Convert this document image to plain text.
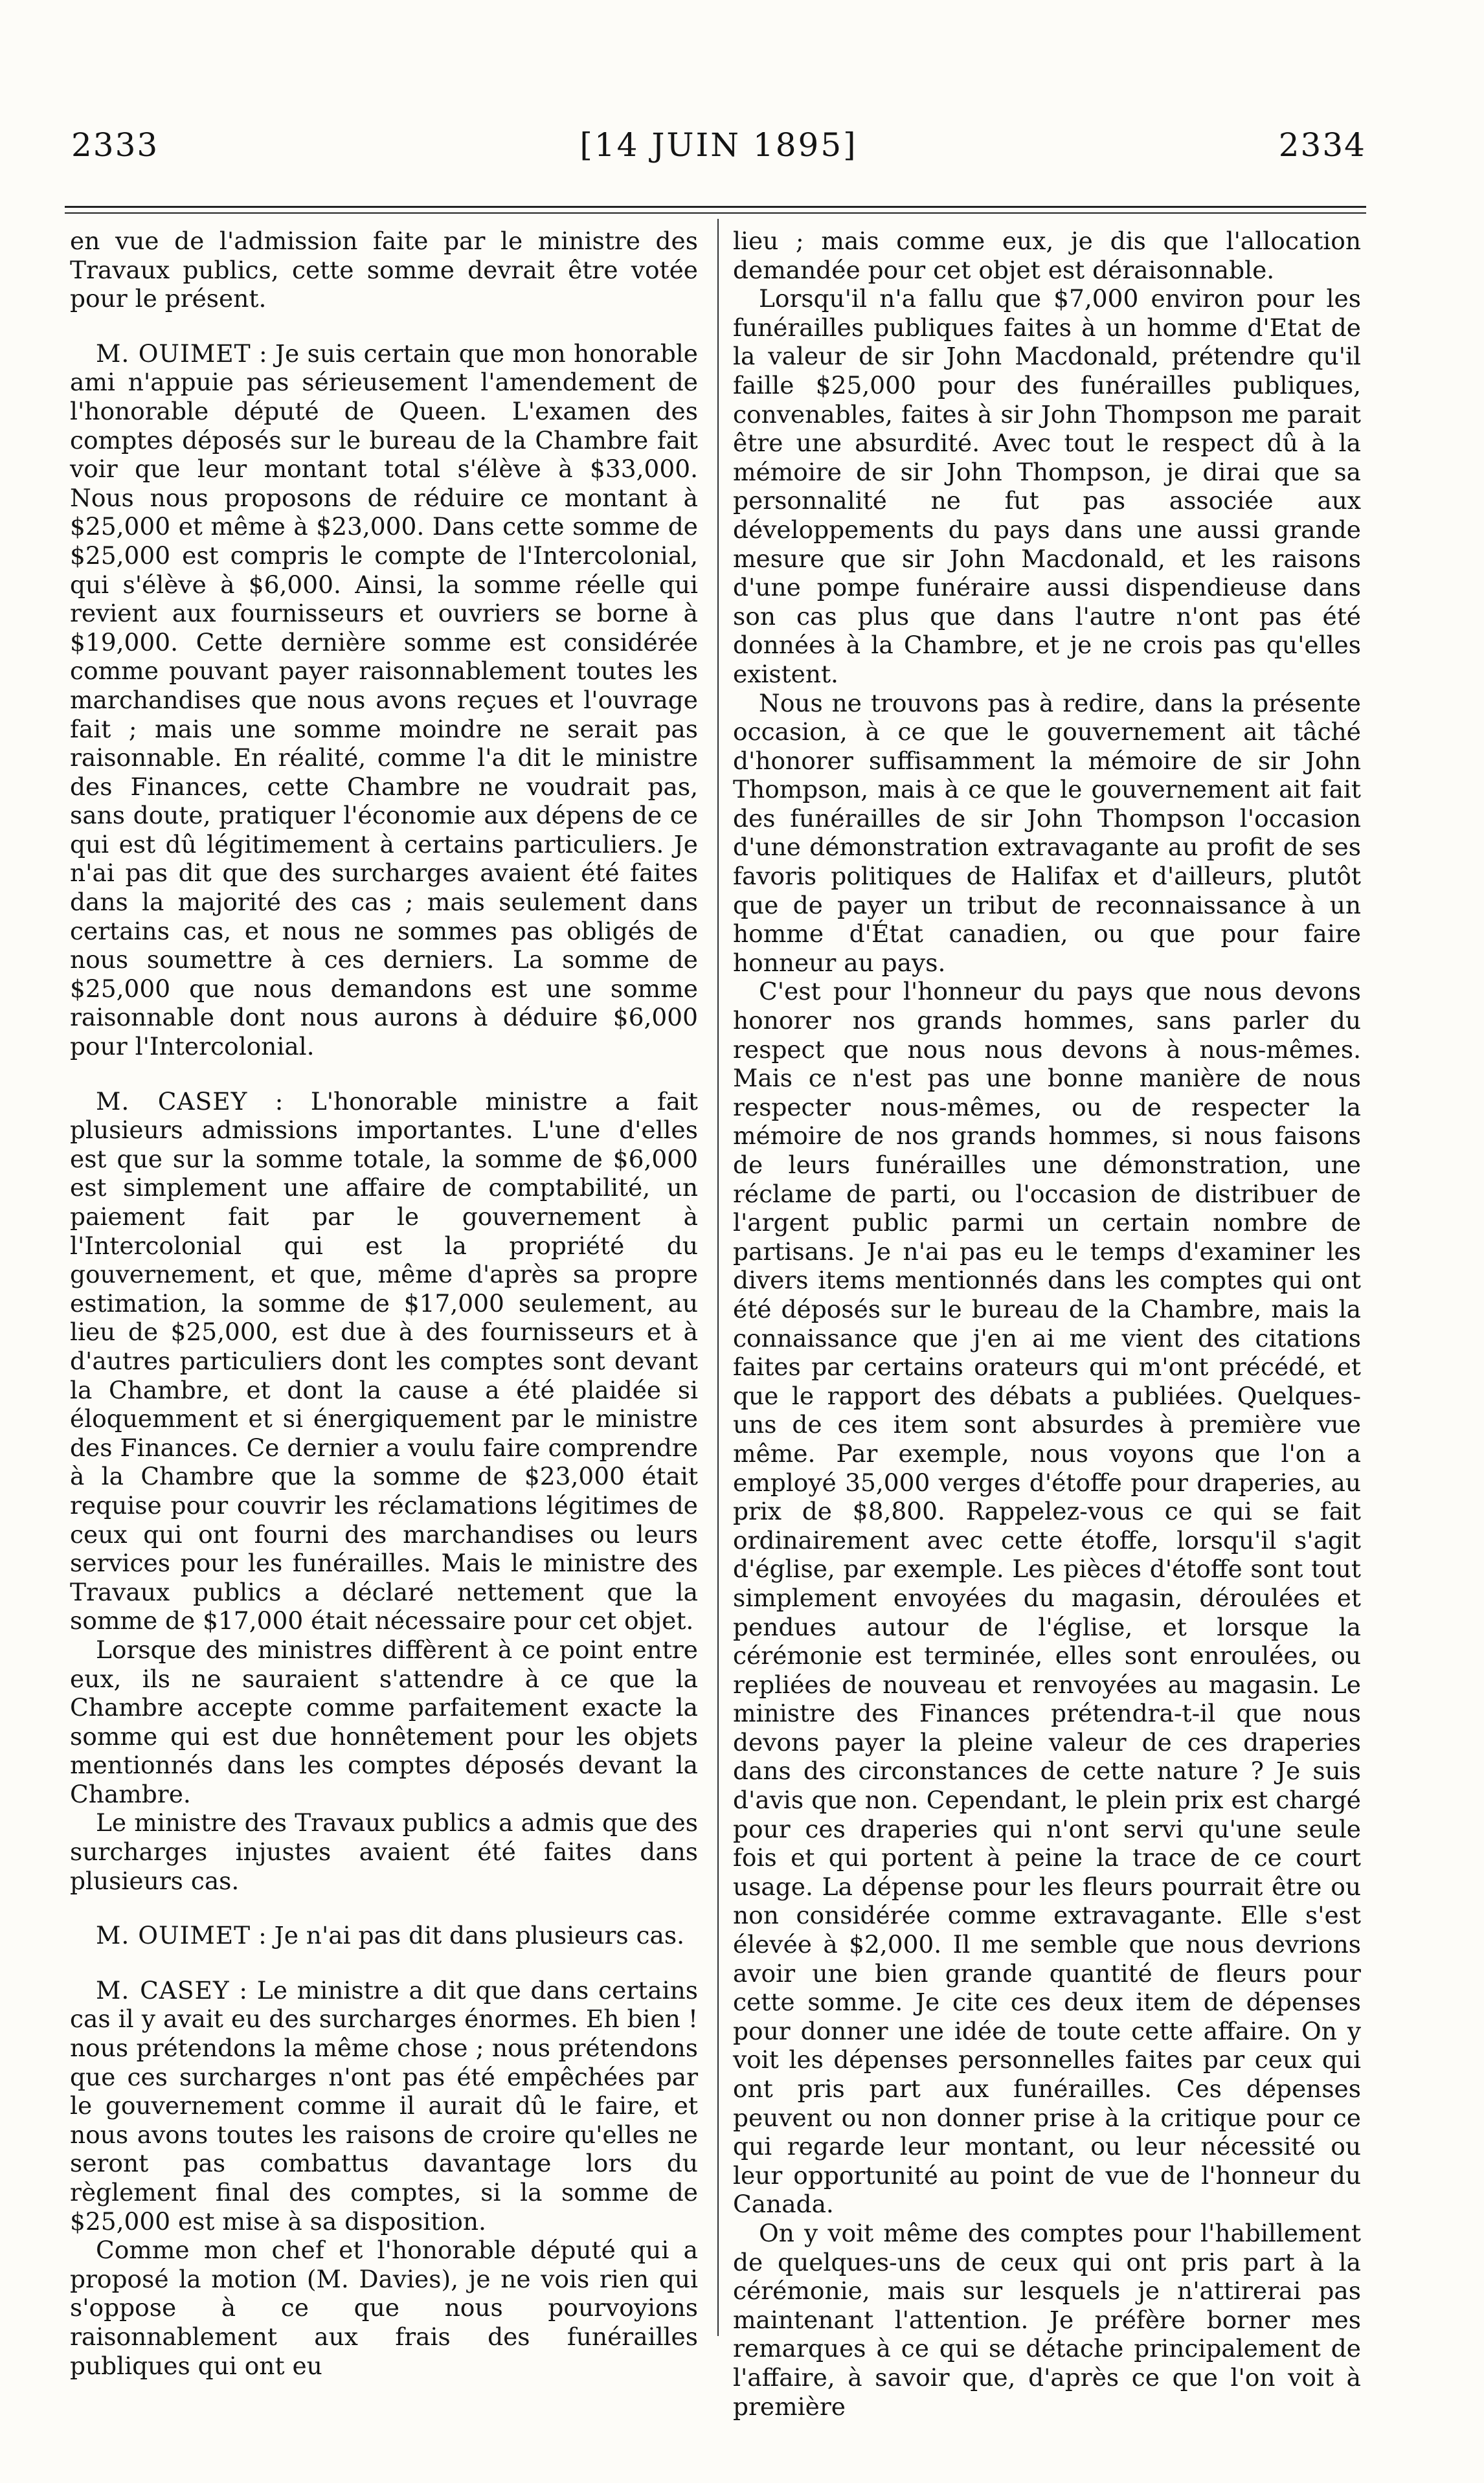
2333	[14 JUIN 1895]	2334

en vue de l'admission faite par le ministre des Travaux publics, cette somme devrait être votée pour le présent.

M. OUIMET : Je suis certain que mon honorable ami n'appuie pas sérieusement l'amendement de l'honorable député de Queen. L'examen des comptes déposés sur le bureau de la Chambre fait voir que leur montant total s'élève à $33,000. Nous nous proposons de réduire ce montant à $25,000 et même à $23,000. Dans cette somme de $25,000 est compris le compte de l'Intercolonial, qui s'élève à $6,000. Ainsi, la somme réelle qui revient aux fournisseurs et ouvriers se borne à $19,000. Cette dernière somme est considérée comme pouvant payer raisonnablement toutes les marchandises que nous avons reçues et l'ouvrage fait ; mais une somme moindre ne serait pas raisonnable. En réalité, comme l'a dit le ministre des Finances, cette Chambre ne voudrait pas, sans doute, pratiquer l'économie aux dépens de ce qui est dû légitimement à certains particuliers. Je n'ai pas dit que des surcharges avaient été faites dans la majorité des cas ; mais seulement dans certains cas, et nous ne sommes pas obligés de nous soumettre à ces derniers. La somme de $25,000 que nous demandons est une somme raisonnable dont nous aurons à déduire $6,000 pour l'Intercolonial.

M. CASEY : L'honorable ministre a fait plusieurs admissions importantes. L'une d'elles est que sur la somme totale, la somme de $6,000 est simplement une affaire de comptabilité, un paiement fait par le gouvernement à l'Intercolonial qui est la propriété du gouvernement, et que, même d'après sa propre estimation, la somme de $17,000 seulement, au lieu de $25,000, est due à des fournisseurs et à d'autres particuliers dont les comptes sont devant la Chambre, et dont la cause a été plaidée si éloquemment et si énergiquement par le ministre des Finances. Ce dernier a voulu faire comprendre à la Chambre que la somme de $23,000 était requise pour couvrir les réclamations légitimes de ceux qui ont fourni des marchandises ou leurs services pour les funérailles. Mais le ministre des Travaux publics a déclaré nettement que la somme de $17,000 était nécessaire pour cet objet.

Lorsque des ministres diffèrent à ce point entre eux, ils ne sauraient s'attendre à ce que la Chambre accepte comme parfaitement exacte la somme qui est due honnêtement pour les objets mentionnés dans les comptes déposés devant la Chambre.

Le ministre des Travaux publics a admis que des surcharges injustes avaient été faites dans plusieurs cas.

M. OUIMET : Je n'ai pas dit dans plusieurs cas.

M. CASEY : Le ministre a dit que dans certains cas il y avait eu des surcharges énormes. Eh bien ! nous prétendons la même chose ; nous prétendons que ces surcharges n'ont pas été empêchées par le gouvernement comme il aurait dû le faire, et nous avons toutes les raisons de croire qu'elles ne seront pas combattus davantage lors du règlement final des comptes, si la somme de $25,000 est mise à sa disposition.

Comme mon chef et l'honorable député qui a proposé la motion (M. Davies), je ne vois rien qui s'oppose à ce que nous pourvoyions raisonnablement aux frais des funérailles publiques qui ont eu

lieu ; mais comme eux, je dis que l'allocation demandée pour cet objet est déraisonnable.

Lorsqu'il n'a fallu que $7,000 environ pour les funérailles publiques faites à un homme d'Etat de la valeur de sir John Macdonald, prétendre qu'il faille $25,000 pour des funérailles publiques, convenables, faites à sir John Thompson me parait être une absurdité. Avec tout le respect dû à la mémoire de sir John Thompson, je dirai que sa personnalité ne fut pas associée aux développements du pays dans une aussi grande mesure que sir John Macdonald, et les raisons d'une pompe funéraire aussi dispendieuse dans son cas plus que dans l'autre n'ont pas été données à la Chambre, et je ne crois pas qu'elles existent.

Nous ne trouvons pas à redire, dans la présente occasion, à ce que le gouvernement ait tâché d'honorer suffisamment la mémoire de sir John Thompson, mais à ce que le gouvernement ait fait des funérailles de sir John Thompson l'occasion d'une démonstration extravagante au profit de ses favoris politiques de Halifax et d'ailleurs, plutôt que de payer un tribut de reconnaissance à un homme d'État canadien, ou que pour faire honneur au pays.

C'est pour l'honneur du pays que nous devons honorer nos grands hommes, sans parler du respect que nous nous devons à nous-mêmes. Mais ce n'est pas une bonne manière de nous respecter nous-mêmes, ou de respecter la mémoire de nos grands hommes, si nous faisons de leurs funérailles une démonstration, une réclame de parti, ou l'occasion de distribuer de l'argent public parmi un certain nombre de partisans. Je n'ai pas eu le temps d'examiner les divers items mentionnés dans les comptes qui ont été déposés sur le bureau de la Chambre, mais la connaissance que j'en ai me vient des citations faites par certains orateurs qui m'ont précédé, et que le rapport des débats a publiées. Quelques-uns de ces item sont absurdes à première vue même. Par exemple, nous voyons que l'on a employé 35,000 verges d'étoffe pour draperies, au prix de $8,800. Rappelez-vous ce qui se fait ordinairement avec cette étoffe, lorsqu'il s'agit d'église, par exemple. Les pièces d'étoffe sont tout simplement envoyées du magasin, déroulées et pendues autour de l'église, et lorsque la cérémonie est terminée, elles sont enroulées, ou repliées de nouveau et renvoyées au magasin. Le ministre des Finances prétendra-t-il que nous devons payer la pleine valeur de ces draperies dans des circonstances de cette nature ? Je suis d'avis que non. Cependant, le plein prix est chargé pour ces draperies qui n'ont servi qu'une seule fois et qui portent à peine la trace de ce court usage. La dépense pour les fleurs pourrait être ou non considérée comme extravagante. Elle s'est élevée à $2,000. Il me semble que nous devrions avoir une bien grande quantité de fleurs pour cette somme. Je cite ces deux item de dépenses pour donner une idée de toute cette affaire. On y voit les dépenses personnelles faites par ceux qui ont pris part aux funérailles. Ces dépenses peuvent ou non donner prise à la critique pour ce qui regarde leur montant, ou leur nécessité ou leur opportunité au point de vue de l'honneur du Canada.

On y voit même des comptes pour l'habillement de quelques-uns de ceux qui ont pris part à la cérémonie, mais sur lesquels je n'attirerai pas maintenant l'attention. Je préfère borner mes remarques à ce qui se détache principalement de l'affaire, à savoir que, d'après ce que l'on voit à première
